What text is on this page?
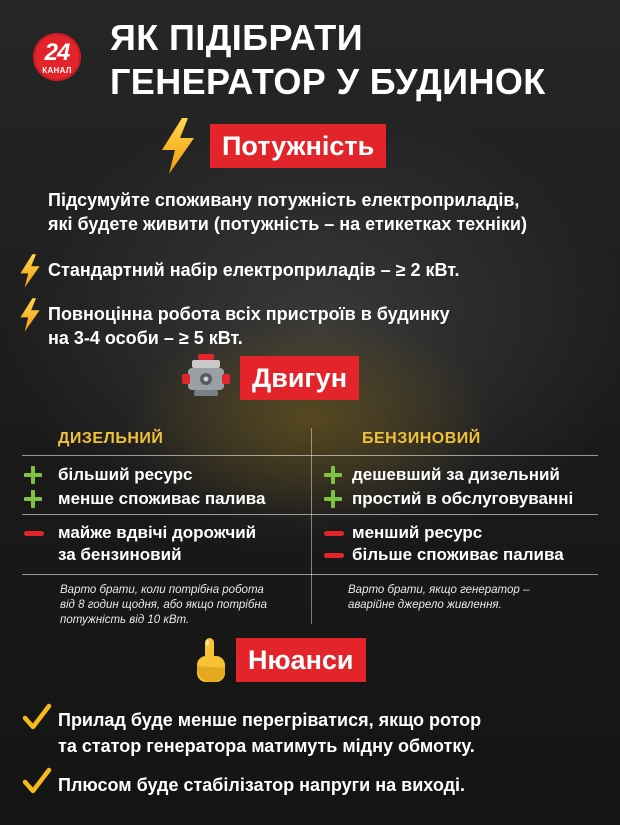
24
КАНАЛ
ЯК ПІДІБРАТИ
ГЕНЕРАТОР У БУДИНОК
Потужність
Підсумуйте споживану потужність електроприладів,
які будете живити (потужність – на етикетках техніки)
Стандартний набір електроприладів – ≥ 2 кВт.
Повноцінна робота всіх пристроїв в будинку
на 3-4 особи – ≥ 5 кВт.
Двигун
ДИЗЕЛЬНИЙ	БЕНЗИНОВИЙ
більший ресурс
менше споживає палива
дешевший за дизельний
простий в обслуговуванні
майже вдвічі дорожчий
за бензиновий
менший ресурс
більше споживає палива
Варто брати, коли потрібна робота
від 8 годин щодня, або якщо потрібна
потужність від 10 кВт.
Варто брати, якщо генератор –
аварійне джерело живлення.
Нюанси
Прилад буде менше перегріватися, якщо ротор
та статор генератора матимуть мідну обмотку.
Плюсом буде стабілізатор напруги на виході.
